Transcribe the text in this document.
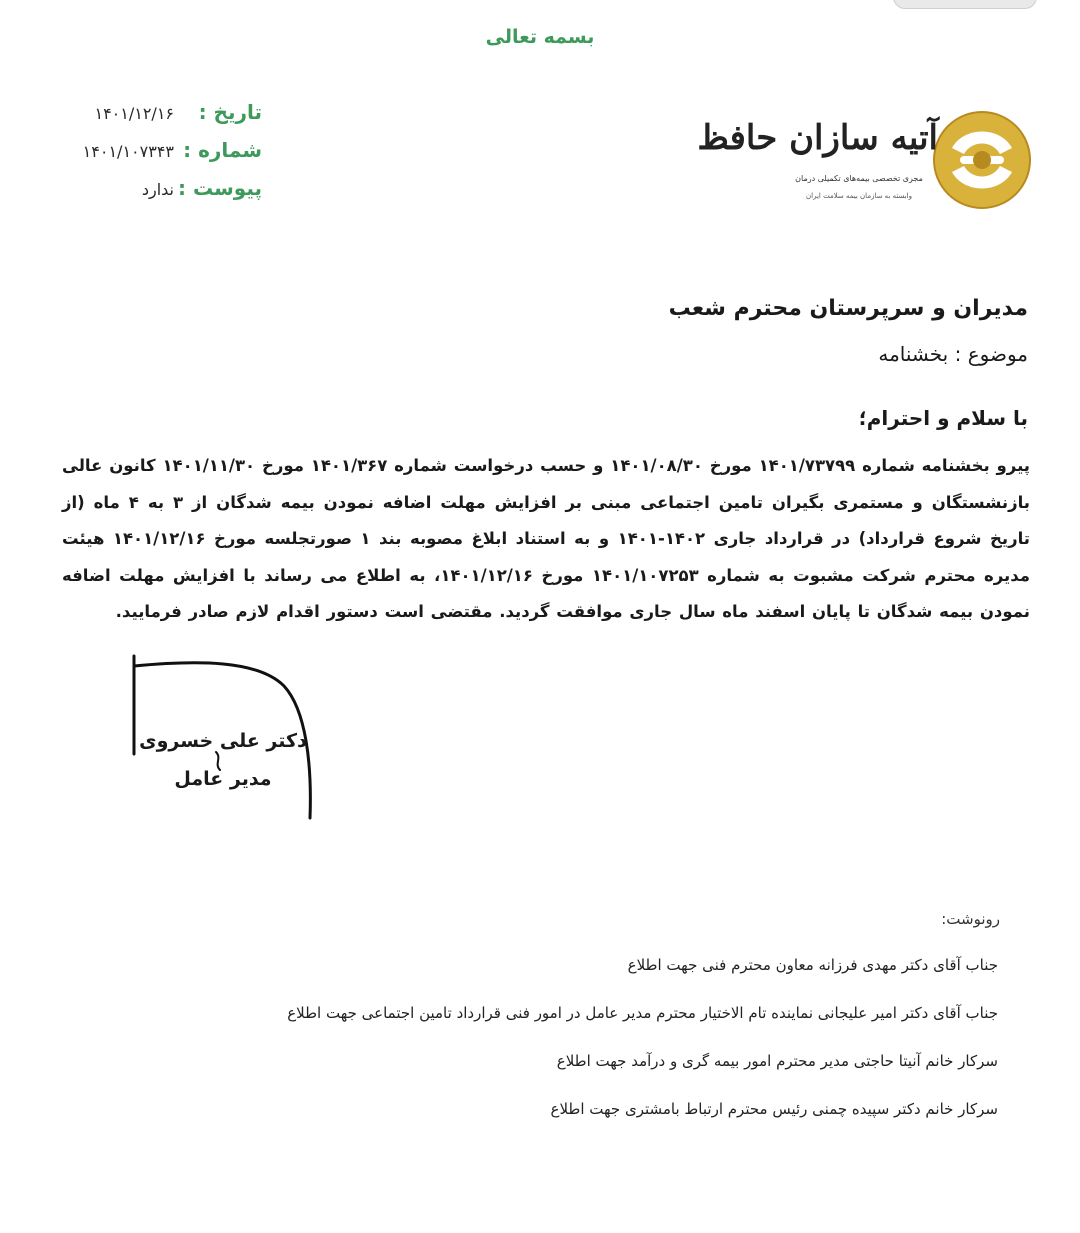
بسمه تعالی
تاریخ :
۱۴۰۱/۱۲/۱۶
شماره :
۱۴۰۱/۱۰۷۳۴۳
پیوست :
ندارد
آتیه سازان حافظ
مجری تخصصی بیمه‌های تکمیلی درمان
وابسته به سازمان بیمه سلامت ایران
مدیران و سرپرستان محترم شعب
موضوع : بخشنامه
با سلام و احترام؛
پیرو بخشنامه شماره ۱۴۰۱/۷۳۷۹۹ مورخ ۱۴۰۱/۰۸/۳۰ و حسب درخواست شماره ۱۴۰۱/۳۶۷ مورخ ۱۴۰۱/۱۱/۳۰ کانون عالی بازنشستگان و مستمری بگیران تامین اجتماعی مبنی بر افزایش مهلت اضافه نمودن بیمه شدگان از ۳ به ۴ ماه (از تاریخ شروع قرارداد) در قرارداد جاری ۱۴۰۲-۱۴۰۱ و به استناد ابلاغ مصوبه بند ۱ صورتجلسه مورخ ۱۴۰۱/۱۲/۱۶ هیئت مدیره محترم شرکت مشبوت به شماره ۱۴۰۱/۱۰۷۲۵۳ مورخ ۱۴۰۱/۱۲/۱۶، به اطلاع می رساند با افزایش مهلت اضافه نمودن بیمه شدگان تا پایان اسفند ماه سال جاری موافقت گردید. مقتضی است دستور اقدام لازم صادر فرمایید.
دکتر علی خسروی
مدیر عامل
رونوشت:
جناب آقای دکتر مهدی فرزانه معاون محترم فنی جهت اطلاع
جناب آقای دکتر امیر علیجانی نماینده تام الاختیار محترم مدیر عامل در امور فنی قرارداد تامین اجتماعی جهت اطلاع
سرکار خانم آنیتا حاجتی مدیر محترم امور بیمه گری و درآمد جهت اطلاع
سرکار خانم دکتر سپیده چمنی رئیس محترم ارتباط بامشتری جهت اطلاع
